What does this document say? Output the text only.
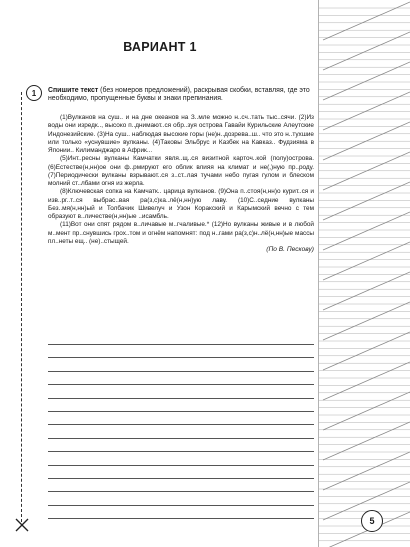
ВАРИАНТ 1
1	Спишите текст (без номеров предложений), раскрывая скобки, вставляя, где это необходимо, пропущенные буквы и знаки препинания.

(1)Вулканов на суш.. и на дне океанов на З..мле можно н..сч..тать тыс..сячи. (2)Из воды они изредк.., высоко п..днимают..ся обр..зуя острова Гавайи Курильские Алеутские Индонезийские. (3)На суш.. наблюдая высокие горы (не)н..дозрева..ш.. что это н..тухшие или только «уснувшие» вулканы. (4)Таковы Эльбрус и Казбек на Кавказ.. Фудзияма в Японии.. Килиманджаро в Африк...

(5)Инт..ресны вулканы Камчатки явля..щ..ся визитной карточ..кой (полу)острова. (6)Естестве(н,нн)ое они ф..рмируют его облик влияя на климат и не(,)ную пр..роду. (7)Периодически вулканы взрывают..ся з..ст..лая тучами небо пугая гулом и блеском молний ст..лбами огня из жерла.

(8)Ключевская сопка на Камчатк.. царица вулканов. (9)Она п..стоя(н,нн)о курит..ся и изв..рг..т..ся выбрас..вая ра(з,с)ка..лё(н,нн)ую лаву. (10)С..седние вулканы Без..мя(н,нн)ый и Толбачик Шивелуч и Узон Коракский и Карымский вечно с тем образуют в..личестве(н,нн)ые ..исамбль.

(11)Вот они спят рядом в..личавые м..гчаливые.* (12)Но вулканы живые и в любой м..мент пр..снувшись грох..том и огнём напомнят: под н..гами ра(з,с)н..лё(н,нн)ые массы пл..неты ещ.. (не)..стыщей.

(По В. Пескову)
5
